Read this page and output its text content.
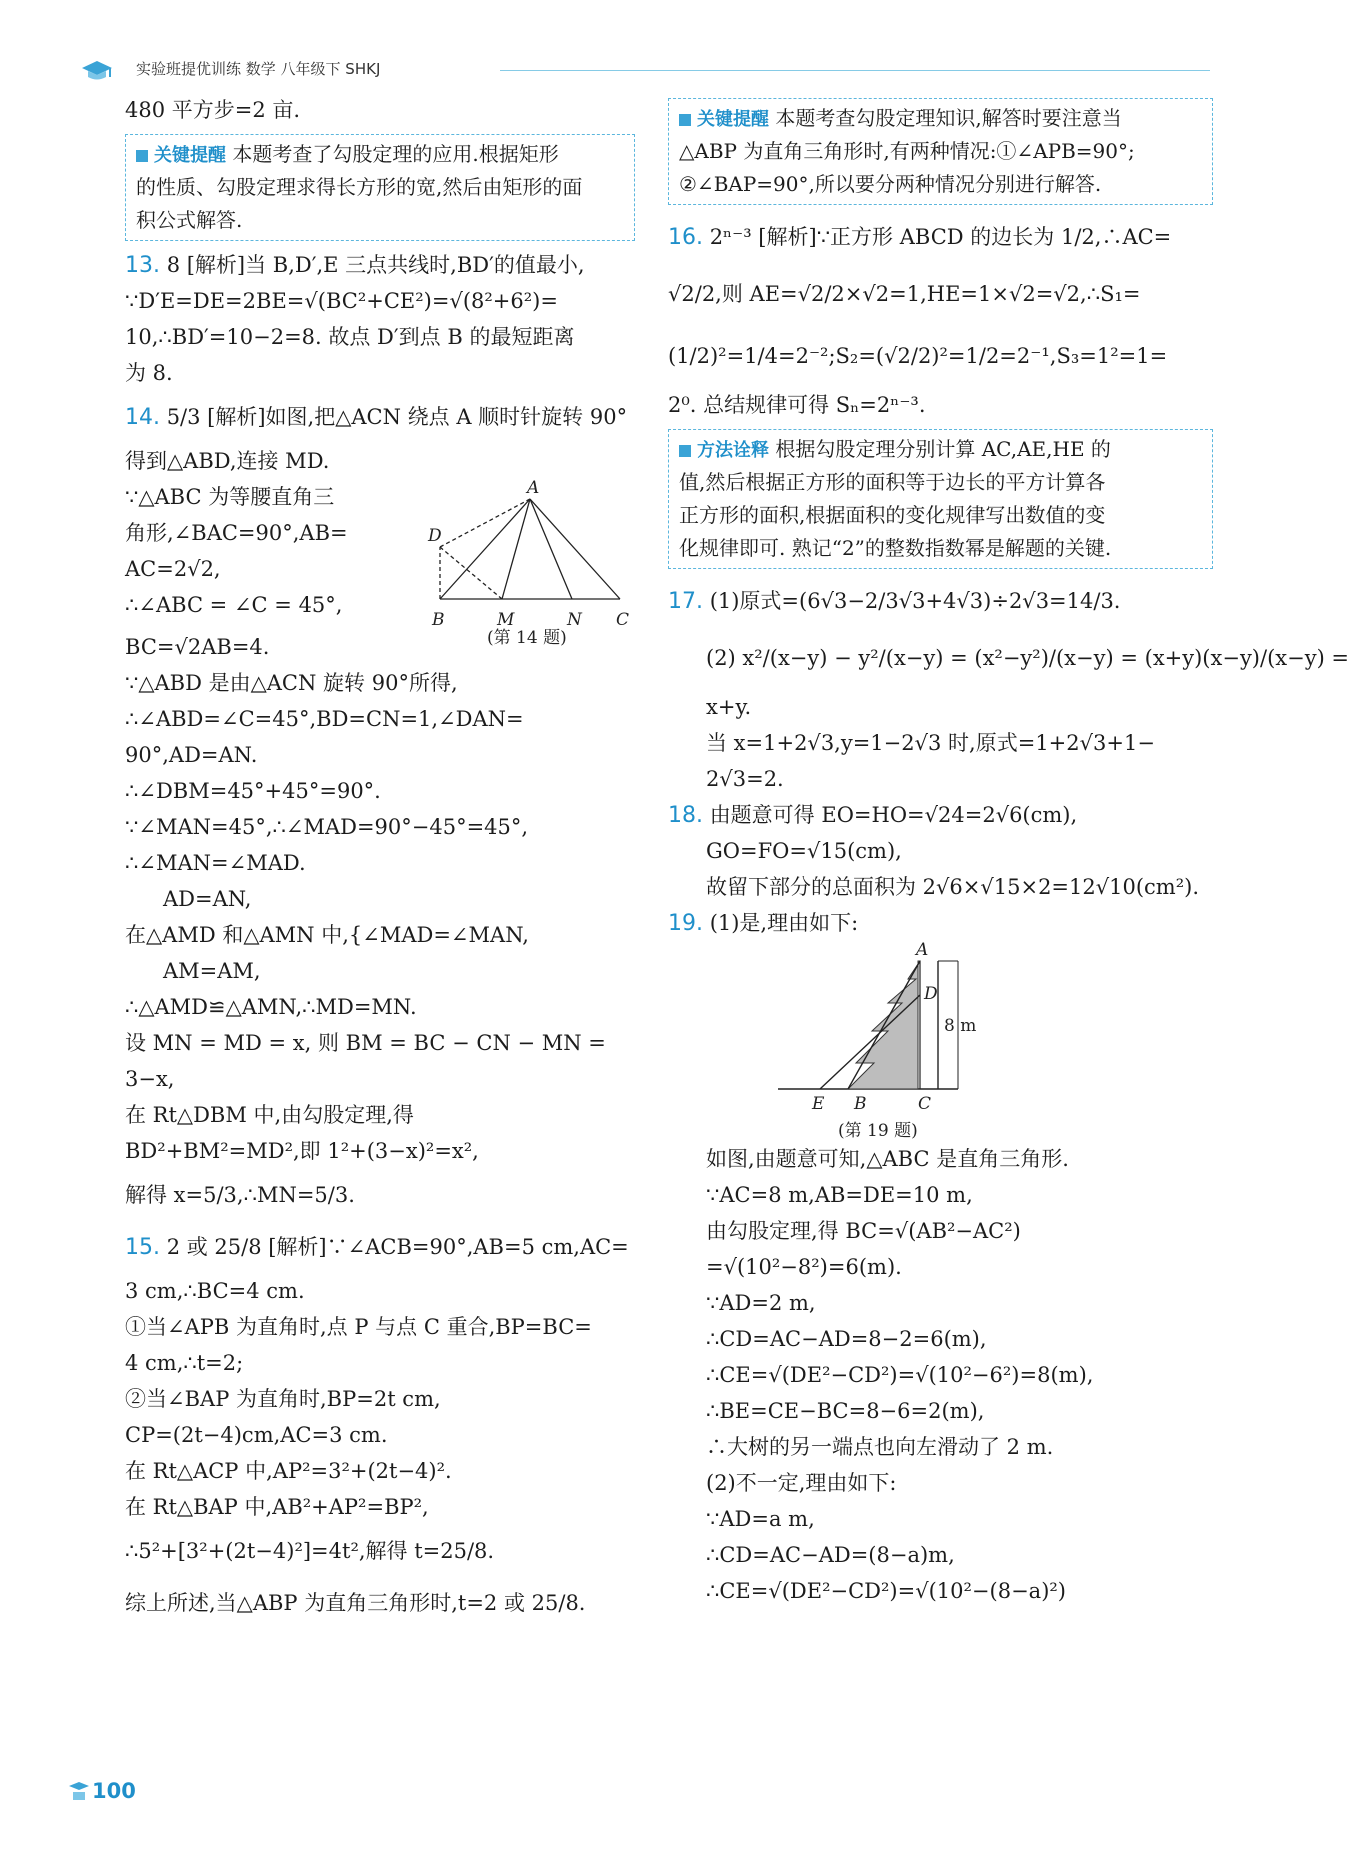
实验班提优训练 数学 八年级下 SHKJ
480 平方步=2 亩.
关键提醒 本题考查了勾股定理的应用.根据矩形
的性质、勾股定理求得长方形的宽,然后由矩形的面
积公式解答.
13. 8 [解析]当 B,D′,E 三点共线时,BD′的值最小,
∵D′E=DE=2BE=√(BC²+CE²)=√(8²+6²)=
10,∴BD′=10−2=8. 故点 D′到点 B 的最短距离
为 8.
14. 5/3 [解析]如图,把△ACN 绕点 A 顺时针旋转 90°
得到△ABD,连接 MD.
∵△ABC 为等腰直角三
角形,∠BAC=90°,AB=
AC=2√2,
∴∠ABC = ∠C = 45°,
A
B	C
D
M	N
(第 14 题)
BC=√2AB=4.
∵△ABD 是由△ACN 旋转 90°所得,
∴∠ABD=∠C=45°,BD=CN=1,∠DAN=
90°,AD=AN.
∴∠DBM=45°+45°=90°.
∵∠MAN=45°,∴∠MAD=90°−45°=45°,
∴∠MAN=∠MAD.
AD=AN,
在△AMD 和△AMN 中,{∠MAD=∠MAN,
AM=AM,
∴△AMD≌△AMN,∴MD=MN.
设 MN = MD = x, 则 BM = BC − CN − MN =
3−x,
在 Rt△DBM 中,由勾股定理,得
BD²+BM²=MD²,即 1²+(3−x)²=x²,
解得 x=5/3,∴MN=5/3.
15. 2 或 25/8 [解析]∵∠ACB=90°,AB=5 cm,AC=
3 cm,∴BC=4 cm.
①当∠APB 为直角时,点 P 与点 C 重合,BP=BC=
4 cm,∴t=2;
②当∠BAP 为直角时,BP=2t cm,
CP=(2t−4)cm,AC=3 cm.
在 Rt△ACP 中,AP²=3²+(2t−4)².
在 Rt△BAP 中,AB²+AP²=BP²,
∴5²+[3²+(2t−4)²]=4t²,解得 t=25/8.
综上所述,当△ABP 为直角三角形时,t=2 或 25/8.
关键提醒 本题考查勾股定理知识,解答时要注意当
△ABP 为直角三角形时,有两种情况:①∠APB=90°;
②∠BAP=90°,所以要分两种情况分别进行解答.
16. 2ⁿ⁻³ [解析]∵正方形 ABCD 的边长为 1/2,∴AC=
√2/2,则 AE=√2/2×√2=1,HE=1×√2=√2,∴S₁=
(1/2)²=1/4=2⁻²;S₂=(√2/2)²=1/2=2⁻¹,S₃=1²=1=
2⁰. 总结规律可得 Sₙ=2ⁿ⁻³.
方法诠释 根据勾股定理分别计算 AC,AE,HE 的
值,然后根据正方形的面积等于边长的平方计算各
正方形的面积,根据面积的变化规律写出数值的变
化规律即可. 熟记“2”的整数指数幂是解题的关键.
17. (1)原式=(6√3−2/3√3+4√3)÷2√3=14/3.
(2) x²/(x−y) − y²/(x−y) = (x²−y²)/(x−y) = (x+y)(x−y)/(x−y) =
x+y.
当 x=1+2√3,y=1−2√3 时,原式=1+2√3+1−
2√3=2.
18. 由题意可得 EO=HO=√24=2√6(cm),
GO=FO=√15(cm),
故留下部分的总面积为 2√6×√15×2=12√10(cm²).
19. (1)是,理由如下:
A
B	C
D
E
8 m
(第 19 题)
如图,由题意可知,△ABC 是直角三角形.
∵AC=8 m,AB=DE=10 m,
由勾股定理,得 BC=√(AB²−AC²)
=√(10²−8²)=6(m).
∵AD=2 m,
∴CD=AC−AD=8−2=6(m),
∴CE=√(DE²−CD²)=√(10²−6²)=8(m),
∴BE=CE−BC=8−6=2(m),
∴大树的另一端点也向左滑动了 2 m.
(2)不一定,理由如下:
∵AD=a m,
∴CD=AC−AD=(8−a)m,
∴CE=√(DE²−CD²)=√(10²−(8−a)²)
100
